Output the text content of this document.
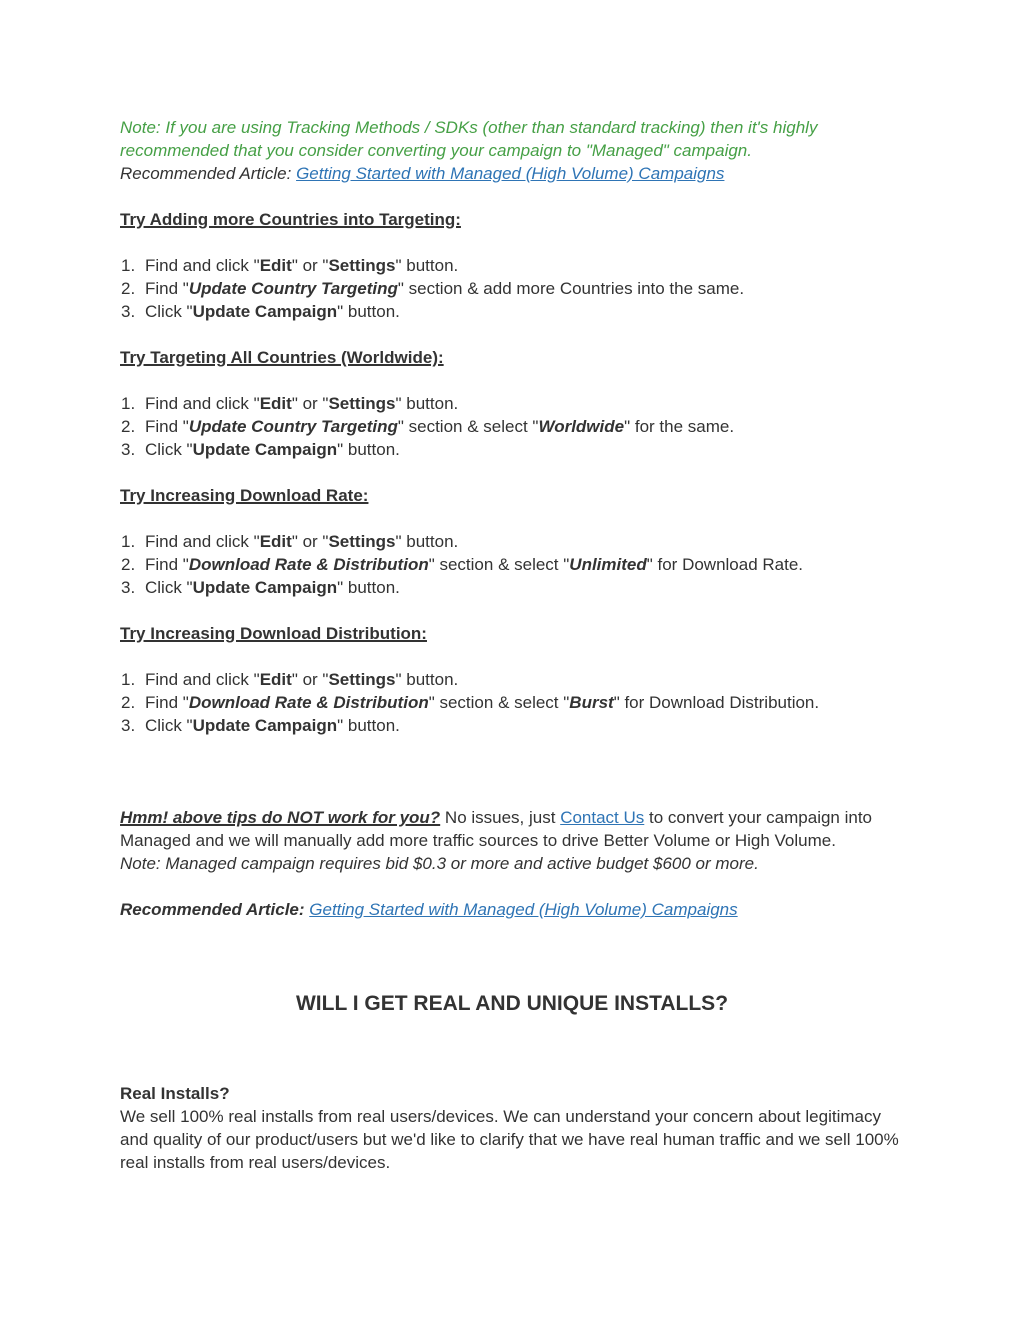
Note: If you are using Tracking Methods / SDKs (other than standard tracking) then it's highly recommended that you consider converting your campaign to "Managed" campaign.

Recommended Article: Getting Started with Managed (High Volume) Campaigns

Try Adding more Countries into Targeting:

Find and click "Edit" or "Settings" button.
Find "Update Country Targeting" section & add more Countries into the same.
Click "Update Campaign" button.

Try Targeting All Countries (Worldwide):

Find and click "Edit" or "Settings" button.
Find "Update Country Targeting" section & select "Worldwide" for the same.
Click "Update Campaign" button.

Try Increasing Download Rate:

Find and click "Edit" or "Settings" button.
Find "Download Rate & Distribution" section & select "Unlimited" for Download Rate.
Click "Update Campaign" button.

Try Increasing Download Distribution:

Find and click "Edit" or "Settings" button.
Find "Download Rate & Distribution" section & select "Burst" for Download Distribution.
Click "Update Campaign" button.

Hmm! above tips do NOT work for you? No issues, just Contact Us to convert your campaign into Managed and we will manually add more traffic sources to drive Better Volume or High Volume.

Note: Managed campaign requires bid $0.3 or more and active budget $600 or more.

Recommended Article: Getting Started with Managed (High Volume) Campaigns

WILL I GET REAL AND UNIQUE INSTALLS?

Real Installs?

We sell 100% real installs from real users/devices. We can understand your concern about legitimacy and quality of our product/users but we'd like to clarify that we have real human traffic and we sell 100% real installs from real users/devices.
